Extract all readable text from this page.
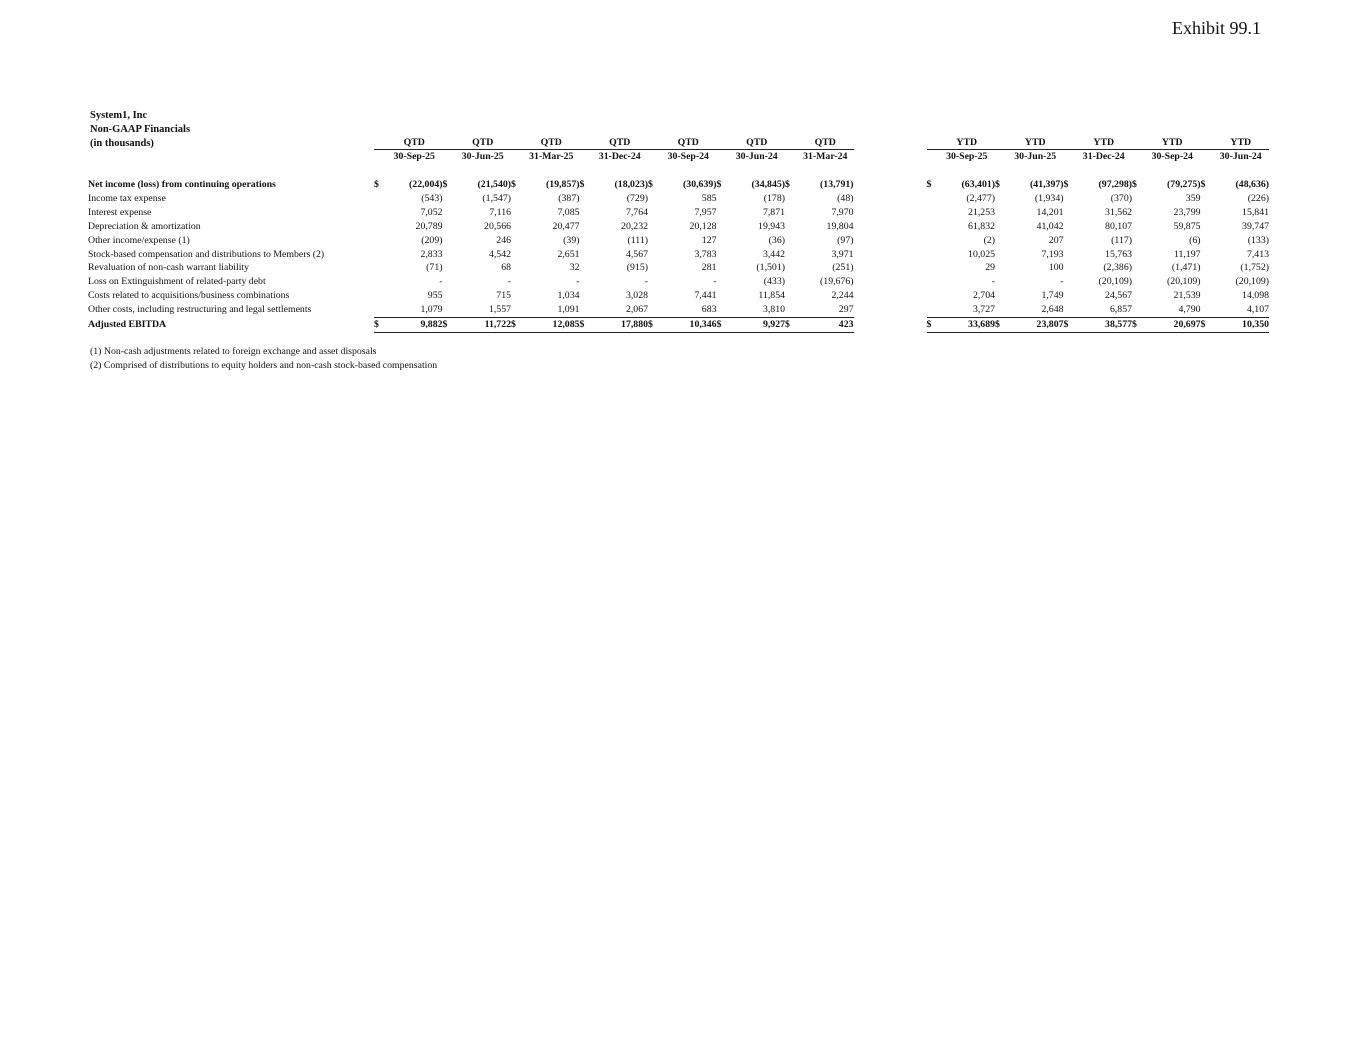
Exhibit 99.1
System1, Inc
Non-GAAP Financials
(in thousands)
			QTD		QTD		QTD		QTD		QTD		QTD		QTD			YTD		YTD		YTD		YTD		YTD
		30-Sep-25		30-Jun-25		31-Mar-25		31-Dec-24		30-Sep-24		30-Jun-24		31-Mar-24			30-Sep-25		30-Jun-25		31-Dec-24		30-Sep-24		30-Jun-24

Net income (loss) from continuing operations	$	(22,004)	$	(21,540)	$	(19,857)	$	(18,023)	$	(30,639)	$	(34,845)	$	(13,791)		$	(63,401)	$	(41,397)	$	(97,298)	$	(79,275)	$	(48,636)
Income tax expense		(543)		(1,547)		(387)		(729)		585		(178)		(48)			(2,477)		(1,934)		(370)		359		(226)
Interest expense		7,052		7,116		7,085		7,764		7,957		7,871		7,970			21,253		14,201		31,562		23,799		15,841
Depreciation & amortization		20,789		20,566		20,477		20,232		20,128		19,943		19,804			61,832		41,042		80,107		59,875		39,747
Other income/expense (1)		(209)		246		(39)		(111)		127		(36)		(97)			(2)		207		(117)		(6)		(133)
Stock-based compensation and distributions to Members (2)		2,833		4,542		2,651		4,567		3,783		3,442		3,971			10,025		7,193		15,763		11,197		7,413
Revaluation of non-cash warrant liability		(71)		68		32		(915)		281		(1,501)		(251)			29		100		(2,386)		(1,471)		(1,752)
Loss on Extinguishment of related-party debt		-		-		-		-		-		(433)		(19,676)			-		-		(20,109)		(20,109)		(20,109)
Costs related to acquisitions/business combinations		955		715		1,034		3,028		7,441		11,854		2,244			2,704		1,749		24,567		21,539		14,098
Other costs, including restructuring and legal settlements		1,079		1,557		1,091		2,067		683		3,810		297			3,727		2,648		6,857		4,790		4,107
Adjusted EBITDA	$	9,882	$	11,722	$	12,085	$	17,880	$	10,346	$	9,927	$	423		$	33,689	$	23,807	$	38,577	$	20,697	$	10,350
(1) Non-cash adjustments related to foreign exchange and asset disposals
(2) Comprised of distributions to equity holders and non-cash stock-based compensation
